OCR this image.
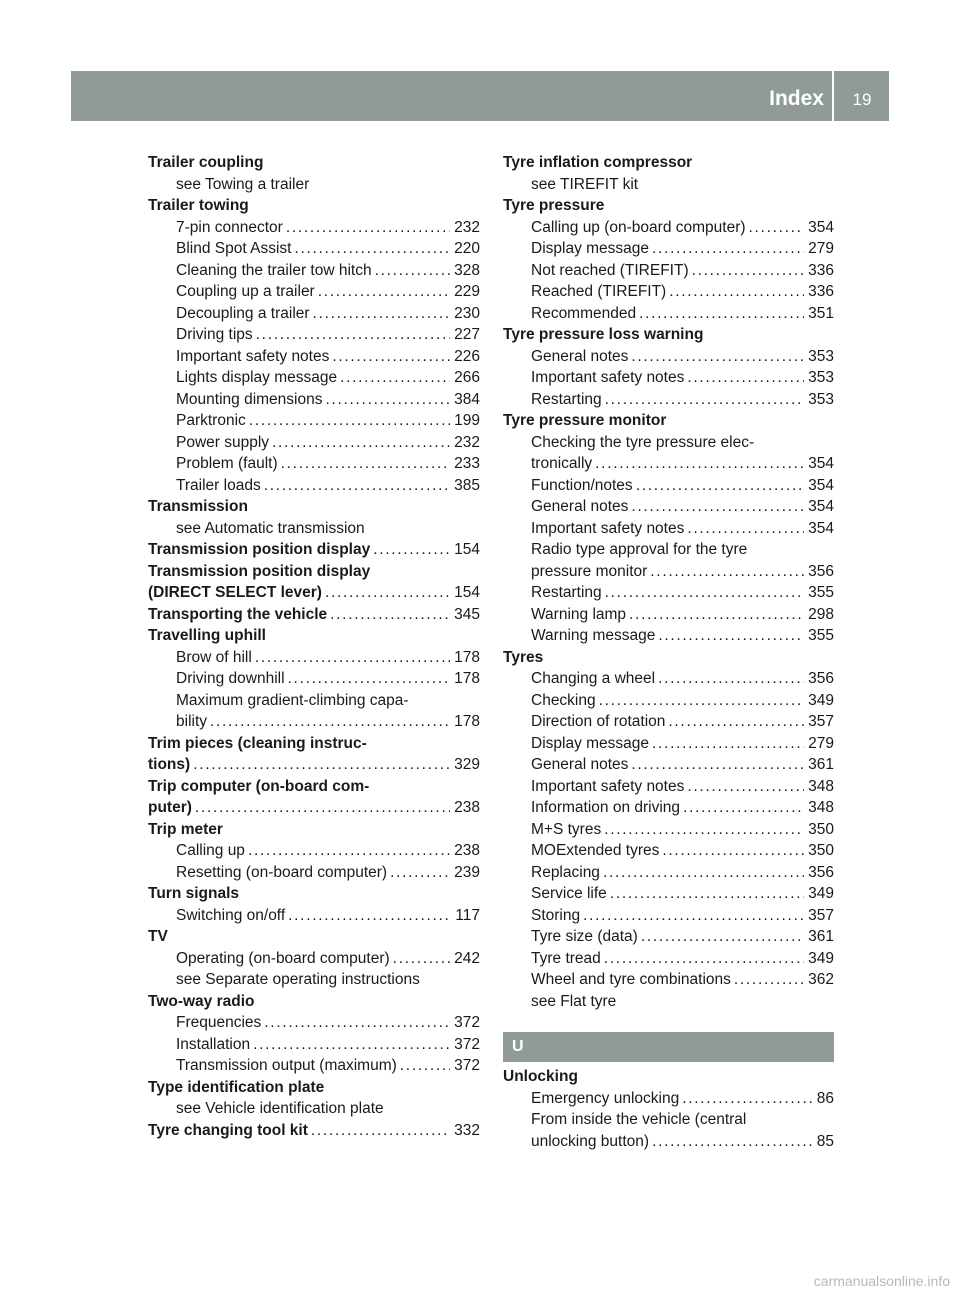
Index	19
Trailer coupling
see Towing a trailer
Trailer towing
7-pin connector . . .	232
Blind Spot Assist . . .	220
Cleaning the trailer tow hitch . . .	328
Coupling up a trailer . . .	229
Decoupling a trailer . . .	230
Driving tips . . .	227
Important safety notes . . .	226
Lights display message . . .	266
Mounting dimensions . . .	384
Parktronic . . .	199
Power supply . . .	232
Problem (fault) . . .	233
Trailer loads . . .	385
Transmission
see Automatic transmission
Transmission position display . . .	154
Transmission position display
(DIRECT SELECT lever) . . .	154
Transporting the vehicle . . .	345
Travelling uphill
Brow of hill . . .	178
Driving downhill . . .	178
Maximum gradient-climbing capa-
bility . . .	178
Trim pieces (cleaning instruc-
tions) . . .	329
Trip computer (on-board com-
puter) . . .	238
Trip meter
Calling up . . .	238
Resetting (on-board computer) . . .	239
Turn signals
Switching on/off . . .	117
TV
Operating (on-board computer) . . .	242
see Separate operating instructions
Two-way radio
Frequencies . . .	372
Installation . . .	372
Transmission output (maximum) . . .	372
Type identification plate
see Vehicle identification plate
Tyre changing tool kit . . .	332
Tyre inflation compressor
see TIREFIT kit
Tyre pressure
Calling up (on-board computer) . . .	354
Display message . . .	279
Not reached (TIREFIT) . . .	336
Reached (TIREFIT) . . .	336
Recommended . . .	351
Tyre pressure loss warning
General notes . . .	353
Important safety notes . . .	353
Restarting . . .	353
Tyre pressure monitor
Checking the tyre pressure elec-
tronically . . .	354
Function/notes . . .	354
General notes . . .	354
Important safety notes . . .	354
Radio type approval for the tyre
pressure monitor . . .	356
Restarting . . .	355
Warning lamp . . .	298
Warning message . . .	355
Tyres
Changing a wheel . . .	356
Checking . . .	349
Direction of rotation . . .	357
Display message . . .	279
General notes . . .	361
Important safety notes . . .	348
Information on driving . . .	348
M+S tyres . . .	350
MOExtended tyres . . .	350
Replacing . . .	356
Service life . . .	349
Storing . . .	357
Tyre size (data) . . .	361
Tyre tread . . .	349
Wheel and tyre combinations . . .	362
see Flat tyre
U
Unlocking
Emergency unlocking . . .	86
From inside the vehicle (central
unlocking button) . . .	85
carmanualsonline.info
